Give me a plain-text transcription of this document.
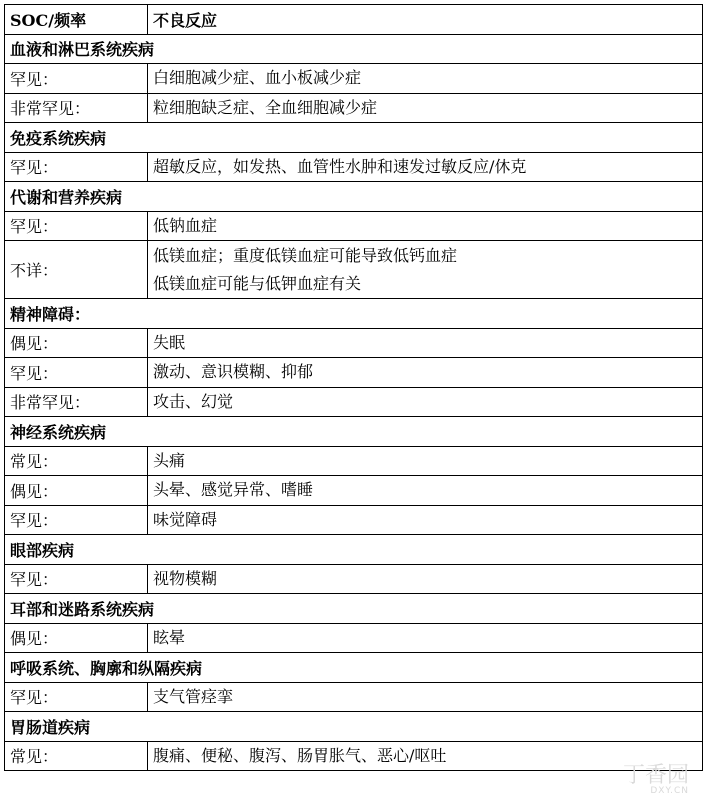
SOC/频率	不良反应
血液和淋巴系统疾病	
罕见：	白细胞减少症、血小板减少症

非常罕见：	粒细胞缺乏症、全血细胞减少症

免疫系统疾病	
罕见：	超敏反应，如发热、血管性水肿和速发过敏反应/休克

代谢和营养疾病	
罕见：	低钠血症

不详：	低镁血症；重度低镁血症可能导致低钙血症
低镁血症可能与低钾血症有关

精神障碍：	
偶见：	失眠

罕见：	激动、意识模糊、抑郁

非常罕见：	攻击、幻觉

神经系统疾病	
常见：	头痛

偶见：	头晕、感觉异常、嗜睡

罕见：	味觉障碍

眼部疾病	
罕见：	视物模糊

耳部和迷路系统疾病	
偶见：	眩晕

呼吸系统、胸廓和纵隔疾病	
罕见：	支气管痉挛

胃肠道疾病	
常见：	腹痛、便秘、腹泻、肠胃胀气、恶心/呕吐
丁香园
DXY.CN
